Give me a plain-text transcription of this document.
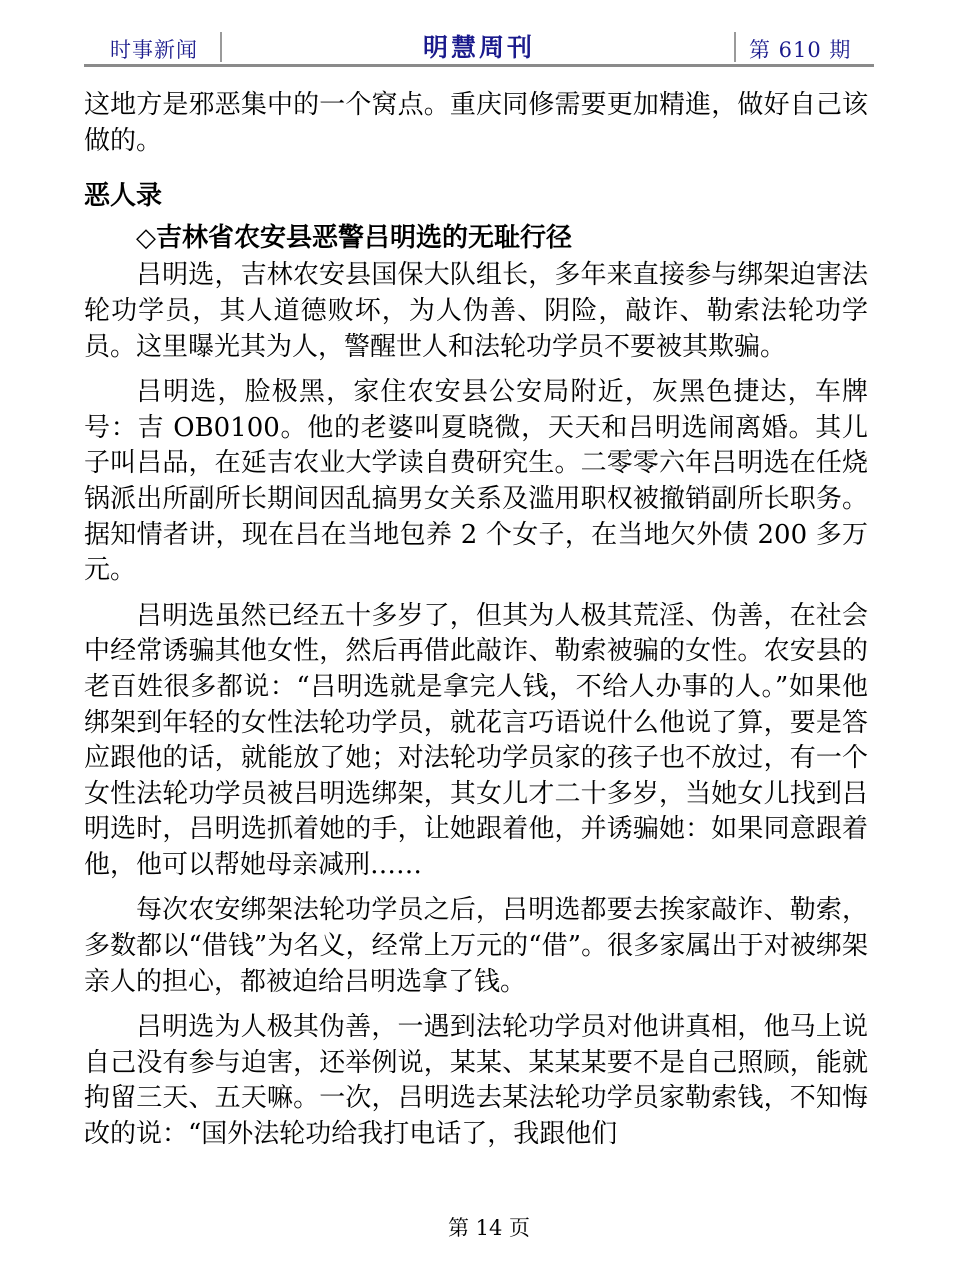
时事新闻	明慧周刊	第 610 期

这地方是邪恶集中的一个窝点。重庆同修需要更加精進，做好自己该做的。

恶人录

◇吉林省农安县恶警吕明选的无耻行径

吕明选，吉林农安县国保大队组长，多年来直接参与绑架迫害法轮功学员，其人道德败坏，为人伪善、阴险，敲诈、勒索法轮功学员。这里曝光其为人，警醒世人和法轮功学员不要被其欺骗。

吕明选，脸极黑，家住农安县公安局附近，灰黑色捷达，车牌号：吉 OB0100。他的老婆叫夏晓微，天天和吕明选闹离婚。其儿子叫吕品，在延吉农业大学读自费研究生。二零零六年吕明选在任烧锅派出所副所长期间因乱搞男女关系及滥用职权被撤销副所长职务。据知情者讲，现在吕在当地包养 2 个女子，在当地欠外债 200 多万元。

吕明选虽然已经五十多岁了，但其为人极其荒淫、伪善，在社会中经常诱骗其他女性，然后再借此敲诈、勒索被骗的女性。农安县的老百姓很多都说：“吕明选就是拿完人钱，不给人办事的人。”如果他绑架到年轻的女性法轮功学员，就花言巧语说什么他说了算，要是答应跟他的话，就能放了她；对法轮功学员家的孩子也不放过，有一个女性法轮功学员被吕明选绑架，其女儿才二十多岁，当她女儿找到吕明选时，吕明选抓着她的手，让她跟着他，并诱骗她：如果同意跟着他，他可以帮她母亲减刑……

每次农安绑架法轮功学员之后，吕明选都要去挨家敲诈、勒索，多数都以“借钱”为名义，经常上万元的“借”。很多家属出于对被绑架亲人的担心，都被迫给吕明选拿了钱。

吕明选为人极其伪善，一遇到法轮功学员对他讲真相，他马上说自己没有参与迫害，还举例说，某某、某某某要不是自己照顾，能就拘留三天、五天嘛。一次，吕明选去某法轮功学员家勒索钱，不知悔改的说：“国外法轮功给我打电话了，我跟他们

第 14 页
